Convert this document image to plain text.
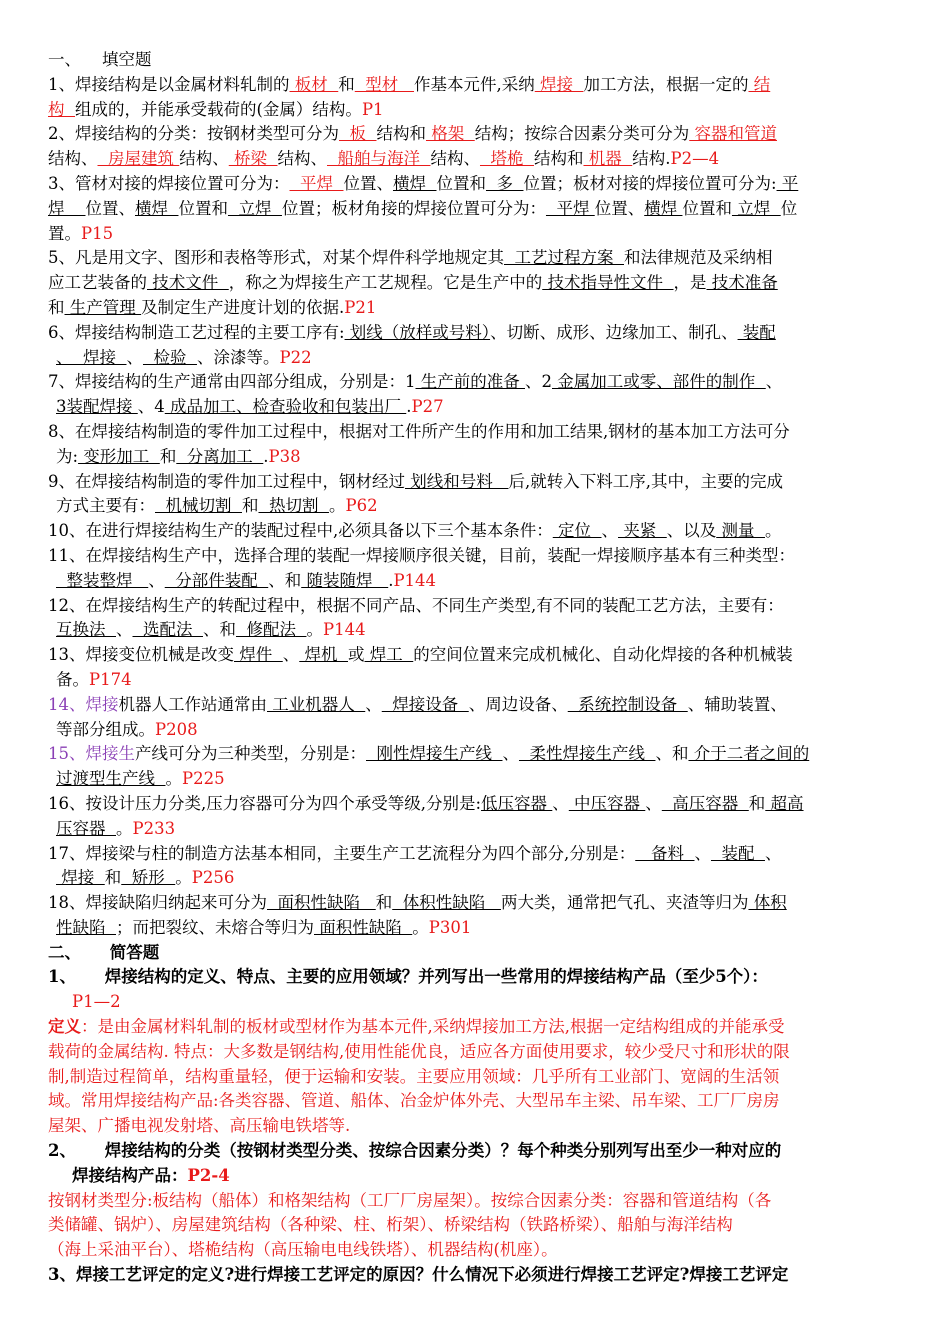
一、    填空题
1、焊接结构是以金属材料轧制的 板材  和  型材   作基本元件,采纳 焊接  加工方法，根据一定的 结
构  组成的，并能承受载荷的(金属）结构。P1
2、焊接结构的分类：按钢材类型可分为  板  结构和 格架  结构；按综合因素分类可分为 容器和管道
结构、  房屋建筑 结构、 桥梁  结构、  船舶与海洋  结构、  塔桅  结构和 机器  结构.P2—4
3、管材对接的焊接位置可分为：  平焊  位置、横焊  位置和  多  位置；板材对接的焊接位置可分为: 平
焊    位置、横焊  位置和  立焊  位置；板材角接的焊接位置可分为：  平焊 位置、横焊 位置和 立焊  位
置。P15
5、凡是用文字、图形和表格等形式，对某个焊件科学地规定其  工艺过程方案  和法律规范及采纳相
应工艺装备的 技术文件  ，称之为焊接生产工艺规程。它是生产中的 技术指导性文件  ，是 技术准备
和 生产管理 及制定生产进度计划的依据.P21
6、焊接结构制造工艺过程的主要工序有: 划线（放样或号料）、切断、成形、边缘加工、制孔、 装配
、  焊接  、  检验  、涂漆等。P22
7、焊接结构的生产通常由四部分组成，分别是：1 生产前的准备 、2 金属加工或零、部件的制作  、
3装配焊接 、4 成品加工、检查验收和包装出厂 .P27
8、在焊接结构制造的零件加工过程中，根据对工件所产生的作用和加工结果,钢材的基本加工方法可分
为: 变形加工  和  分离加工  .P38
9、在焊接结构制造的零件加工过程中，钢材经过 划线和号料   后,就转入下料工序,其中，主要的完成
方式主要有：  机械切割  和  热切割  。P62
10、在进行焊接结构生产的装配过程中,必须具备以下三个基本条件： 定位  、 夹紧  、以及 测量  。
11、在焊接结构生产中，选择合理的装配一焊接顺序很关键，目前，装配一焊接顺序基本有三种类型：
整装整焊   、  分部件装配  、和 随装随焊   .P144
12、在焊接结构生产的转配过程中，根据不同产品、不同生产类型,有不同的装配工艺方法，主要有：
互换法  、  选配法  、和  修配法  。P144
13、焊接变位机械是改变 焊件  、 焊机  或 焊工  的空间位置来完成机械化、自动化焊接的各种机械装
备。P174
14、焊接机器人工作站通常由 工业机器人  、  焊接设备  、周边设备、  系统控制设备  、辅助装置、
等部分组成。P208
15、焊接生产线可分为三种类型，分别是：  刚性焊接生产线  、  柔性焊接生产线  、和 介于二者之间的
过渡型生产线  。P225
16、按设计压力分类,压力容器可分为四个承受等级,分别是:低压容器 、 中压容器 、  高压容器  和 超高
压容器  。P233
17、焊接梁与柱的制造方法基本相同，主要生产工艺流程分为四个部分,分别是：   备料  、  装配  、
焊接  和  矫形  。P256
18、焊接缺陷归纳起来可分为  面积性缺陷   和  体积性缺陷   两大类，通常把气孔、夹渣等归为 体积
性缺陷  ；而把裂纹、未熔合等归为 面积性缺陷  。P301
二、     简答题
1、     焊接结构的定义、特点、主要的应用领域？并列写出一些常用的焊接结构产品（至少5个）：
P1—2
定义：是由金属材料轧制的板材或型材作为基本元件,采纳焊接加工方法,根据一定结构组成的并能承受
载荷的金属结构. 特点：大多数是钢结构,使用性能优良，适应各方面使用要求，较少受尺寸和形状的限
制,制造过程简单，结构重量轻，便于运输和安装。主要应用领域：几乎所有工业部门、宽阔的生活领
域。常用焊接结构产品:各类容器、管道、船体、冶金炉体外壳、大型吊车主梁、吊车梁、工厂厂房房
屋架、广播电视发射塔、高压输电铁塔等.
2、     焊接结构的分类（按钢材类型分类、按综合因素分类）？每个种类分别列写出至少一种对应的
焊接结构产品：P2-4
按钢材类型分:板结构（船体）和格架结构（工厂厂房屋架）。按综合因素分类：容器和管道结构（各
类储罐、锅炉）、房屋建筑结构（各种梁、柱、桁架）、桥梁结构（铁路桥梁）、船舶与海洋结构
（海上采油平台）、塔桅结构（高压输电电线铁塔）、机器结构(机座）。
3、焊接工艺评定的定义?进行焊接工艺评定的原因？什么情况下必须进行焊接工艺评定?焊接工艺评定
